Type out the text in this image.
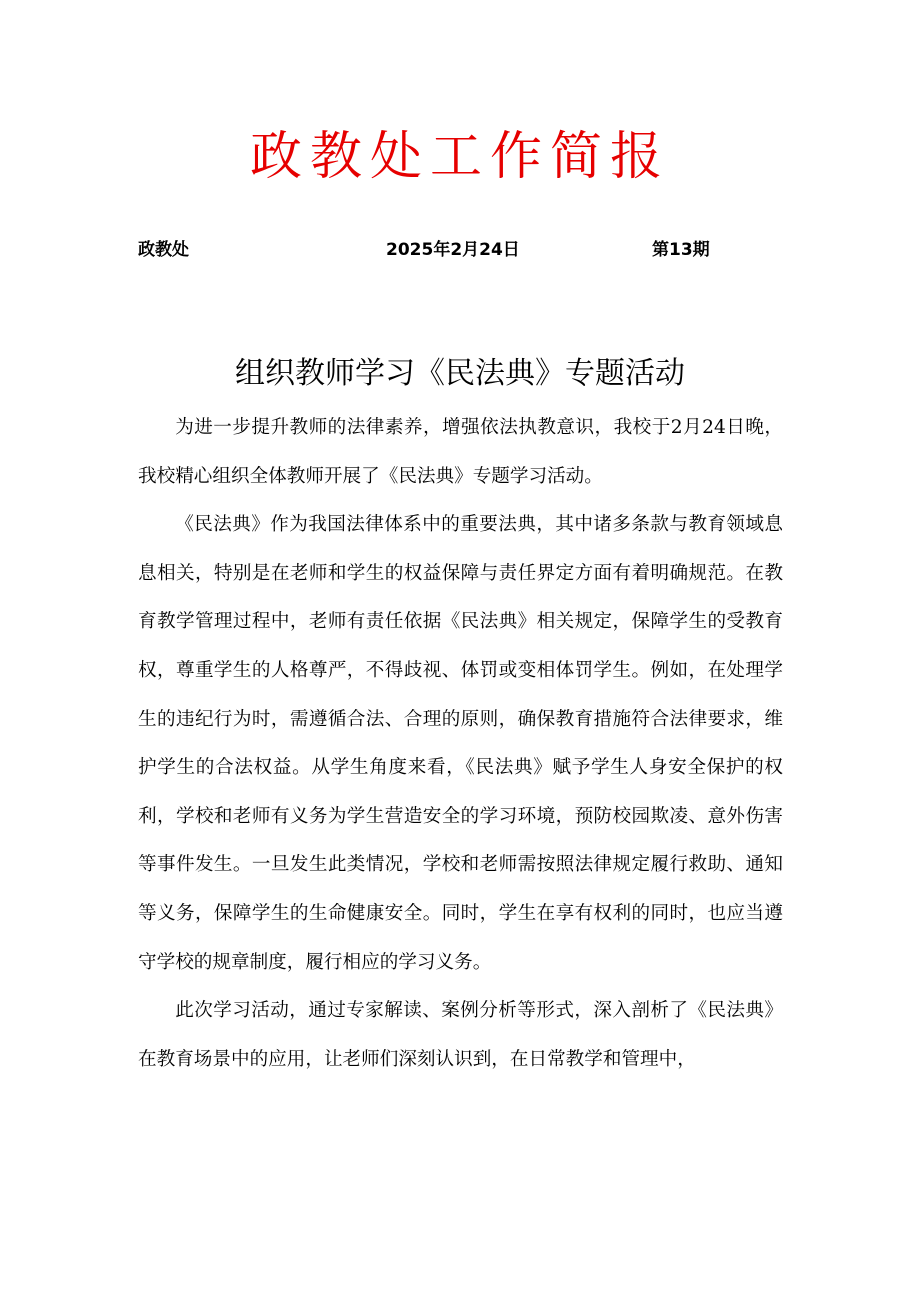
政教处工作简报
政教处	2025年2月24日	第13期
组织教师学习《民法典》专题活动

为进一步提升教师的法律素养，增强依法执教意识，我校于2月24日晚，我校精心组织全体教师开展了《民法典》专题学习活动。

《民法典》作为我国法律体系中的重要法典，其中诸多条款与教育领域息息相关，特别是在老师和学生的权益保障与责任界定方面有着明确规范。在教育教学管理过程中，老师有责任依据《民法典》相关规定，保障学生的受教育权，尊重学生的人格尊严，不得歧视、体罚或变相体罚学生。例如，在处理学生的违纪行为时，需遵循合法、合理的原则，确保教育措施符合法律要求，维护学生的合法权益。从学生角度来看，《民法典》赋予学生人身安全保护的权利，学校和老师有义务为学生营造安全的学习环境，预防校园欺凌、意外伤害等事件发生。一旦发生此类情况，学校和老师需按照法律规定履行救助、通知等义务，保障学生的生命健康安全。同时，学生在享有权利的同时，也应当遵守学校的规章制度，履行相应的学习义务。

此次学习活动，通过专家解读、案例分析等形式，深入剖析了《民法典》在教育场景中的应用，让老师们深刻认识到，在日常教学和管理中，
